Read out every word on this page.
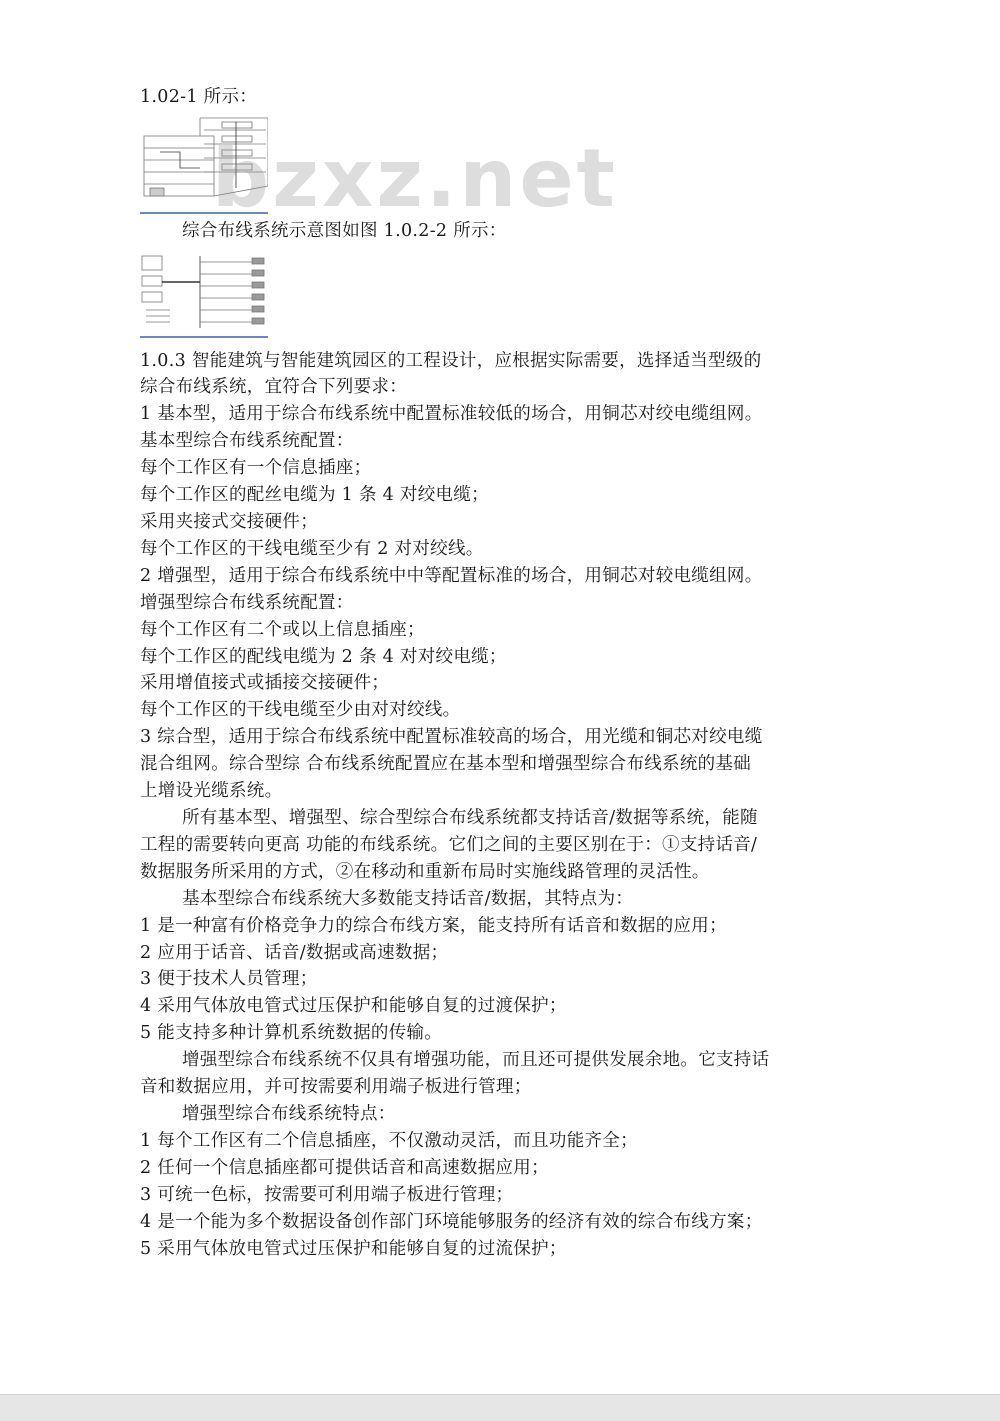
1.02-1 所示：
综合布线系统示意图如图 1.0.2-2 所示：
bzxz.net
1.0.3 智能建筑与智能建筑园区的工程设计，应根据实际需要，选择适当型级的
综合布线系统，宜符合下列要求：
1 基本型，适用于综合布线系统中配置标准较低的场合，用铜芯对绞电缆组网。
基本型综合布线系统配置：
每个工作区有一个信息插座；
每个工作区的配丝电缆为 1 条 4 对绞电缆；
采用夹接式交接硬件；
每个工作区的干线电缆至少有 2 对对绞线。
2 增强型，适用于综合布线系统中中等配置标准的场合，用铜芯对较电缆组网。
增强型综合布线系统配置：
每个工作区有二个或以上信息插座；
每个工作区的配线电缆为 2 条 4 对对绞电缆；
采用增值接式或插接交接硬件；
每个工作区的干线电缆至少由对对绞线。
3 综合型，适用于综合布线系统中配置标准较高的场合，用光缆和铜芯对绞电缆
混合组网。综合型综 合布线系统配置应在基本型和增强型综合布线系统的基础
上增设光缆系统。
所有基本型、增强型、综合型综合布线系统都支持话音/数据等系统，能随
工程的需要转向更高 功能的布线系统。它们之间的主要区别在于：①支持话音/
数据服务所采用的方式，②在移动和重新布局时实施线路管理的灵活性。
基本型综合布线系统大多数能支持话音/数据，其特点为：
1 是一种富有价格竞争力的综合布线方案，能支持所有话音和数据的应用；
2 应用于话音、话音/数据或高速数据；
3 便于技术人员管理；
4 采用气体放电管式过压保护和能够自复的过渡保护；
5 能支持多种计算机系统数据的传输。
增强型综合布线系统不仅具有增强功能，而且还可提供发展余地。它支持话
音和数据应用，并可按需要利用端子板进行管理；
增强型综合布线系统特点：
1 每个工作区有二个信息插座，不仅激动灵活，而且功能齐全；
2 任何一个信息插座都可提供话音和高速数据应用；
3 可统一色标，按需要可利用端子板进行管理；
4 是一个能为多个数据设备创作部门环境能够服务的经济有效的综合布线方案；
5 采用气体放电管式过压保护和能够自复的过流保护；
